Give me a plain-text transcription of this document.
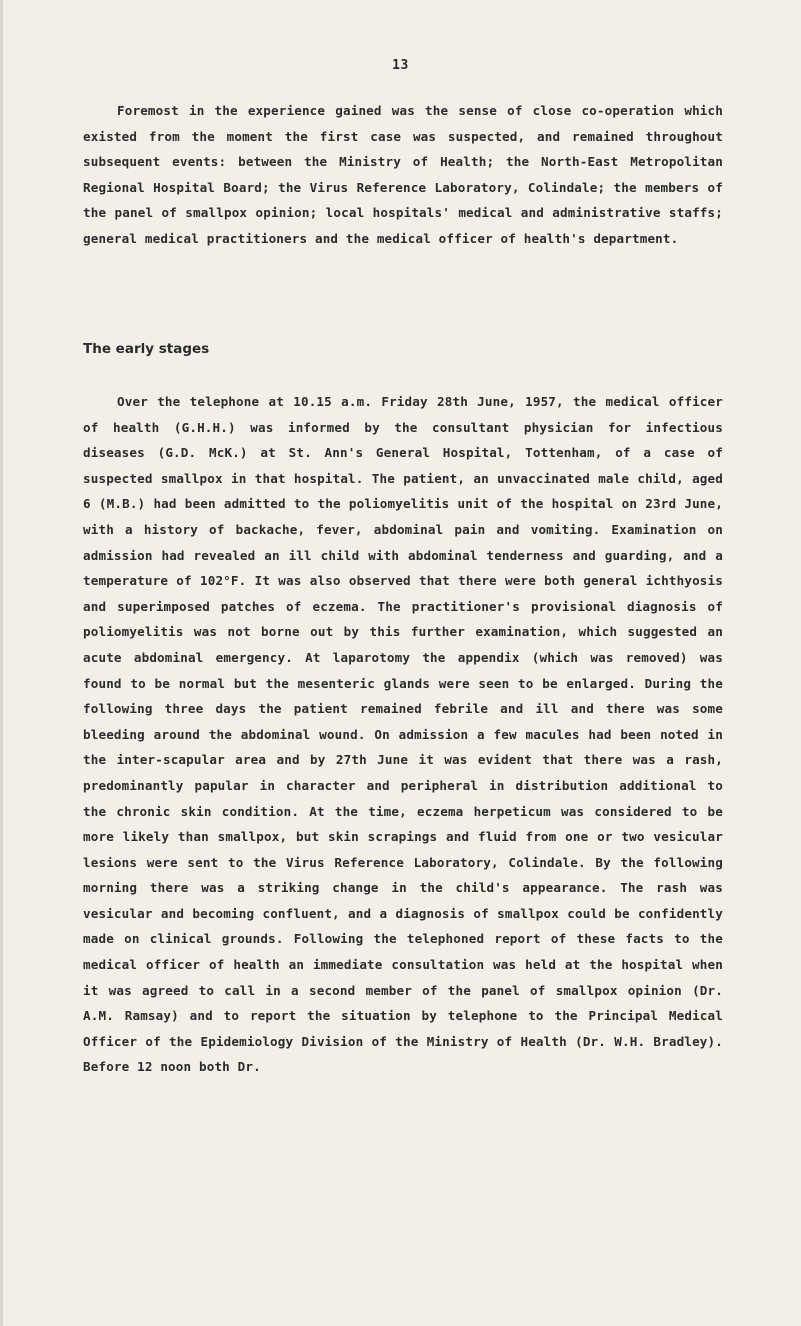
13

Foremost in the experience gained was the sense of close co-operation which existed from the moment the first case was suspected, and remained throughout subsequent events: between the Ministry of Health; the North-East Metropolitan Regional Hospital Board; the Virus Reference Laboratory, Colindale; the members of the panel of smallpox opinion; local hospitals' medical and administrative staffs; general medical practitioners and the medical officer of health's department.

The early stages

Over the telephone at 10.15 a.m. Friday 28th June, 1957, the medical officer of health (G.H.H.) was informed by the consultant physician for infectious diseases (G.D. McK.) at St. Ann's General Hospital, Tottenham, of a case of suspected smallpox in that hospital. The patient, an unvaccinated male child, aged 6 (M.B.) had been admitted to the poliomyelitis unit of the hospital on 23rd June, with a history of backache, fever, abdominal pain and vomiting. Examination on admission had revealed an ill child with abdominal tenderness and guarding, and a temperature of 102°F. It was also observed that there were both general ichthyosis and superimposed patches of eczema. The practitioner's provisional diagnosis of poliomyelitis was not borne out by this further examination, which suggested an acute abdominal emergency. At laparotomy the appendix (which was removed) was found to be normal but the mesenteric glands were seen to be enlarged. During the following three days the patient remained febrile and ill and there was some bleeding around the abdominal wound. On admission a few macules had been noted in the inter-scapular area and by 27th June it was evident that there was a rash, predominantly papular in character and peripheral in distribution additional to the chronic skin condition. At the time, eczema herpeticum was considered to be more likely than smallpox, but skin scrapings and fluid from one or two vesicular lesions were sent to the Virus Reference Laboratory, Colindale. By the following morning there was a striking change in the child's appearance. The rash was vesicular and becoming confluent, and a diagnosis of smallpox could be confidently made on clinical grounds. Following the telephoned report of these facts to the medical officer of health an immediate consultation was held at the hospital when it was agreed to call in a second member of the panel of smallpox opinion (Dr. A.M. Ramsay) and to report the situation by telephone to the Principal Medical Officer of the Epidemiology Division of the Ministry of Health (Dr. W.H. Bradley). Before 12 noon both Dr.
